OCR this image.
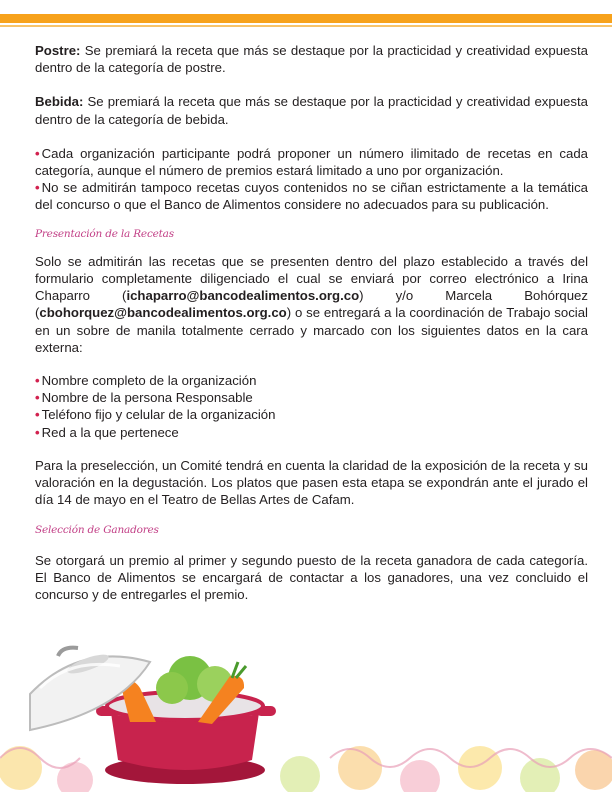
Postre: Se premiará la receta que más se destaque por la practicidad y creatividad expuesta dentro de la categoría de postre.

Bebida: Se premiará la receta que más se destaque por la practicidad y creatividad expuesta dentro de la categoría de bebida.

• Cada organización participante podrá proponer un número ilimitado de recetas en cada categoría, aunque el número de premios estará limitado a uno por organización.

• No se admitirán tampoco recetas cuyos contenidos no se ciñan estrictamente a la temática del concurso o que el Banco de Alimentos considere no adecuados para su publicación.

Presentación de la Recetas

Solo se admitirán las recetas que se presenten dentro del plazo establecido a través del formulario completamente diligenciado el cual se enviará por correo electrónico a Irina Chaparro (ichaparro@bancodealimentos.org.co) y/o Marcela Bohórquez (cbohorquez@bancodealimentos.org.co) o se entregará a la coordinación de Trabajo social en un sobre de manila totalmente cerrado y marcado con los siguientes datos en la cara externa:

• Nombre completo de la organización
• Nombre de la persona Responsable
• Teléfono fijo y celular de la organización
• Red a la que pertenece

Para la preselección, un Comité tendrá en cuenta la claridad de la exposición de la receta y su valoración en la degustación. Los platos que pasen esta etapa se expondrán ante el jurado el día 14 de mayo en el Teatro de Bellas Artes de Cafam.

Selección de Ganadores

Se otorgará un premio al primer y segundo puesto de la receta ganadora de cada categoría. El Banco de Alimentos se encargará de contactar a los ganadores, una vez concluido el concurso y de entregarles el premio.
